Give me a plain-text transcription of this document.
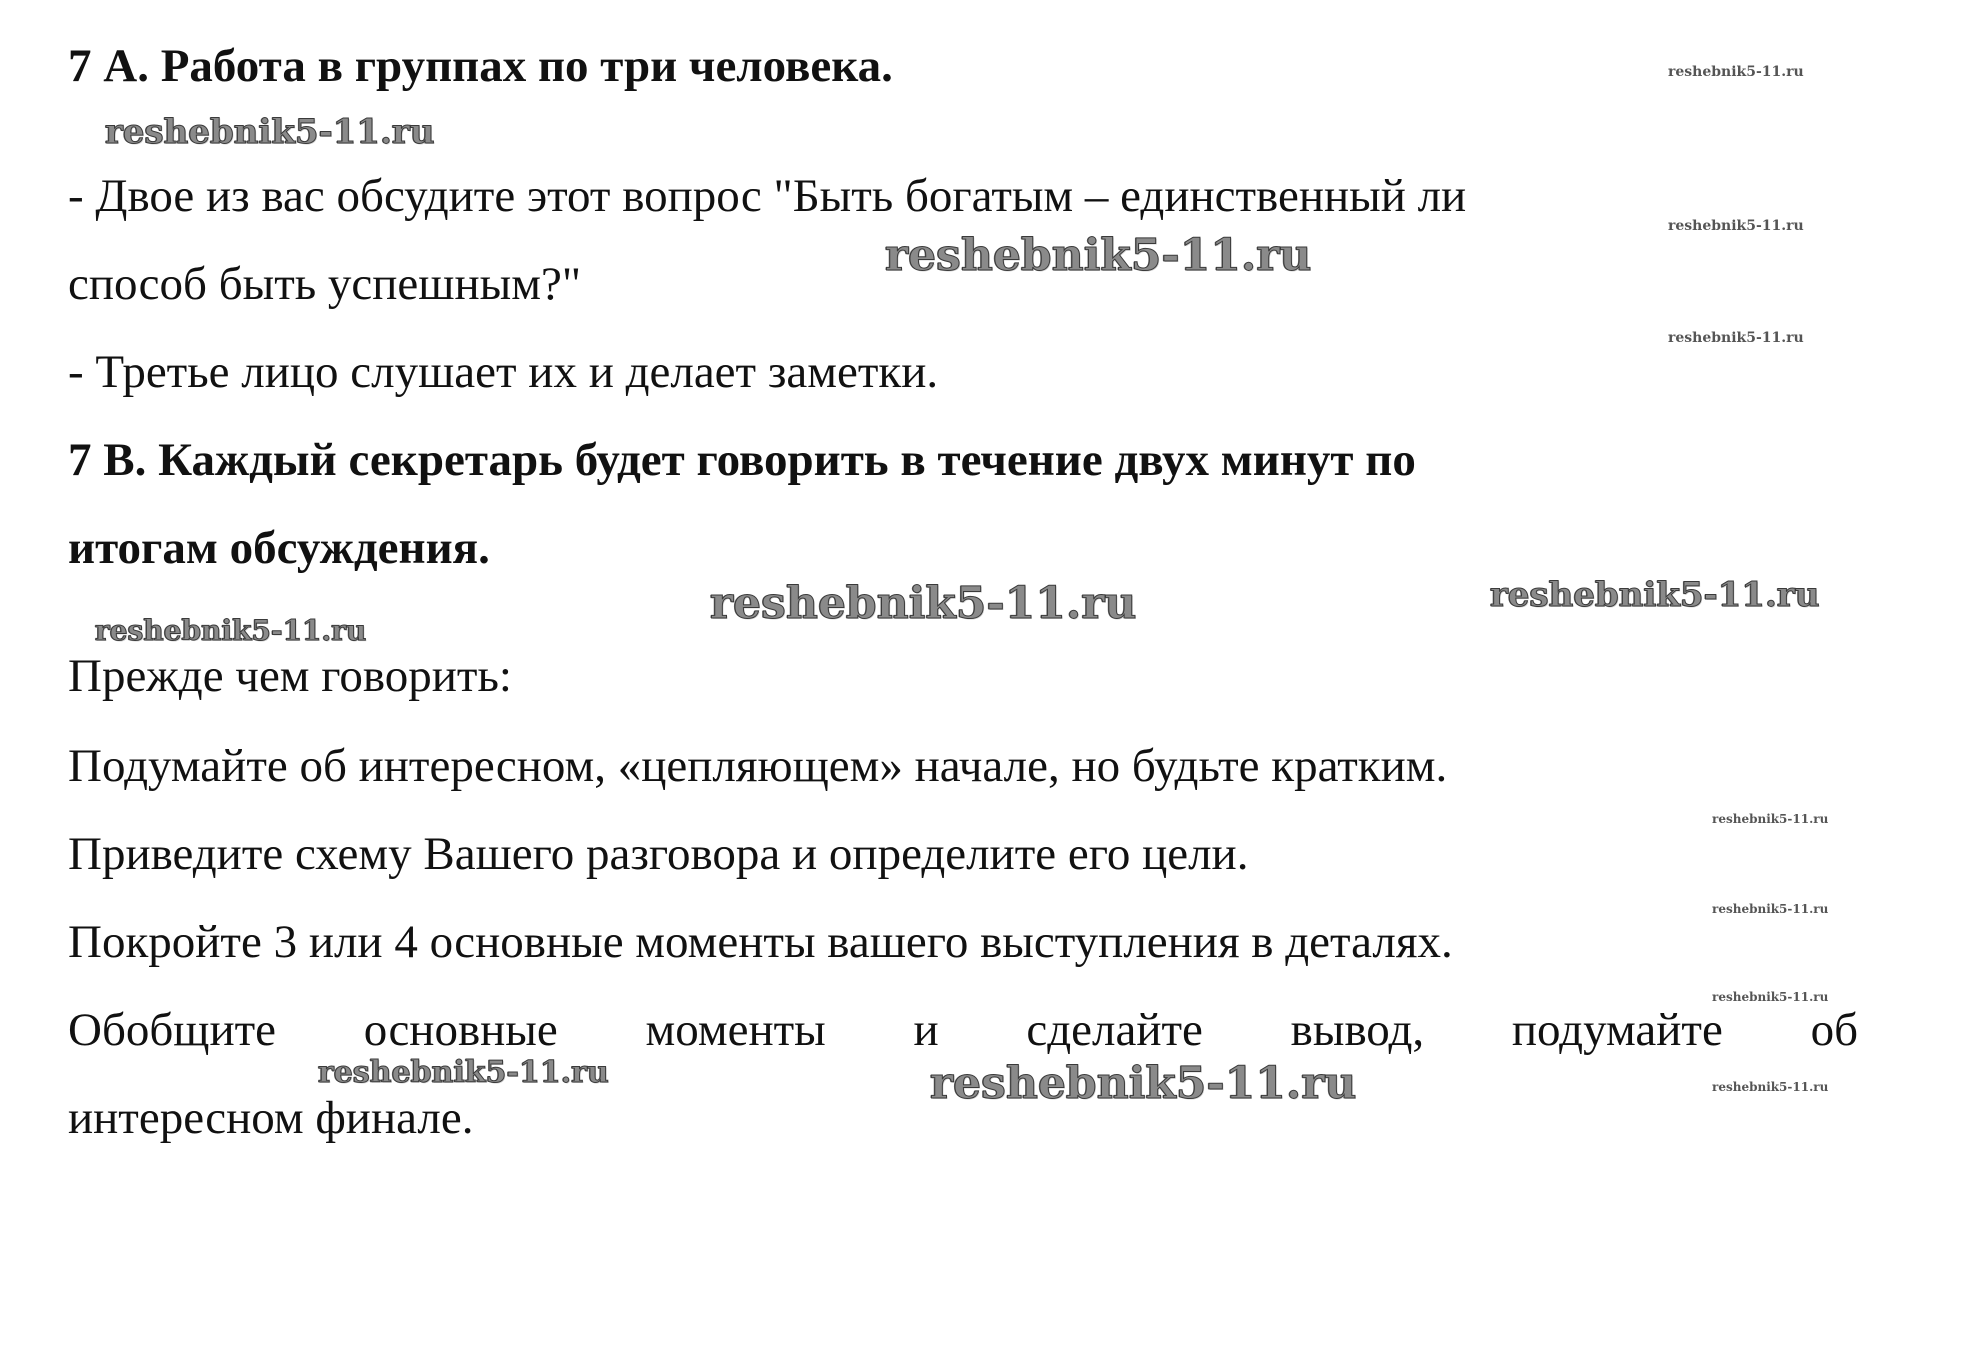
7 А. Работа в группах по три человека.
- Двое из вас обсудите этот вопрос "Быть богатым – единственный ли
способ быть успешным?"
- Третье лицо слушает их и делает заметки.
7 В. Каждый секретарь будет говорить в течение двух минут по
итогам обсуждения.
Прежде чем говорить:
Подумайте об интересном, «цепляющем» начале, но будьте кратким.
Приведите схему Вашего разговора и определите его цели.
Покройте 3 или 4 основные моменты вашего выступления в деталях.
Обобщите основные моменты и сделайте вывод, подумайте об
интересном финале.
reshebnik5-11.ru
reshebnik5-11.ru
reshebnik5-11.ru	reshebnik5-11.ru
reshebnik5-11.ru
reshebnik5-11.ru	reshebnik5-11.ru
reshebnik5-11.ru
reshebnik5-11.ru
reshebnik5-11.ru
reshebnik5-11.ru
reshebnik5-11.ru
reshebnik5-11.ru
reshebnik5-11.ru
